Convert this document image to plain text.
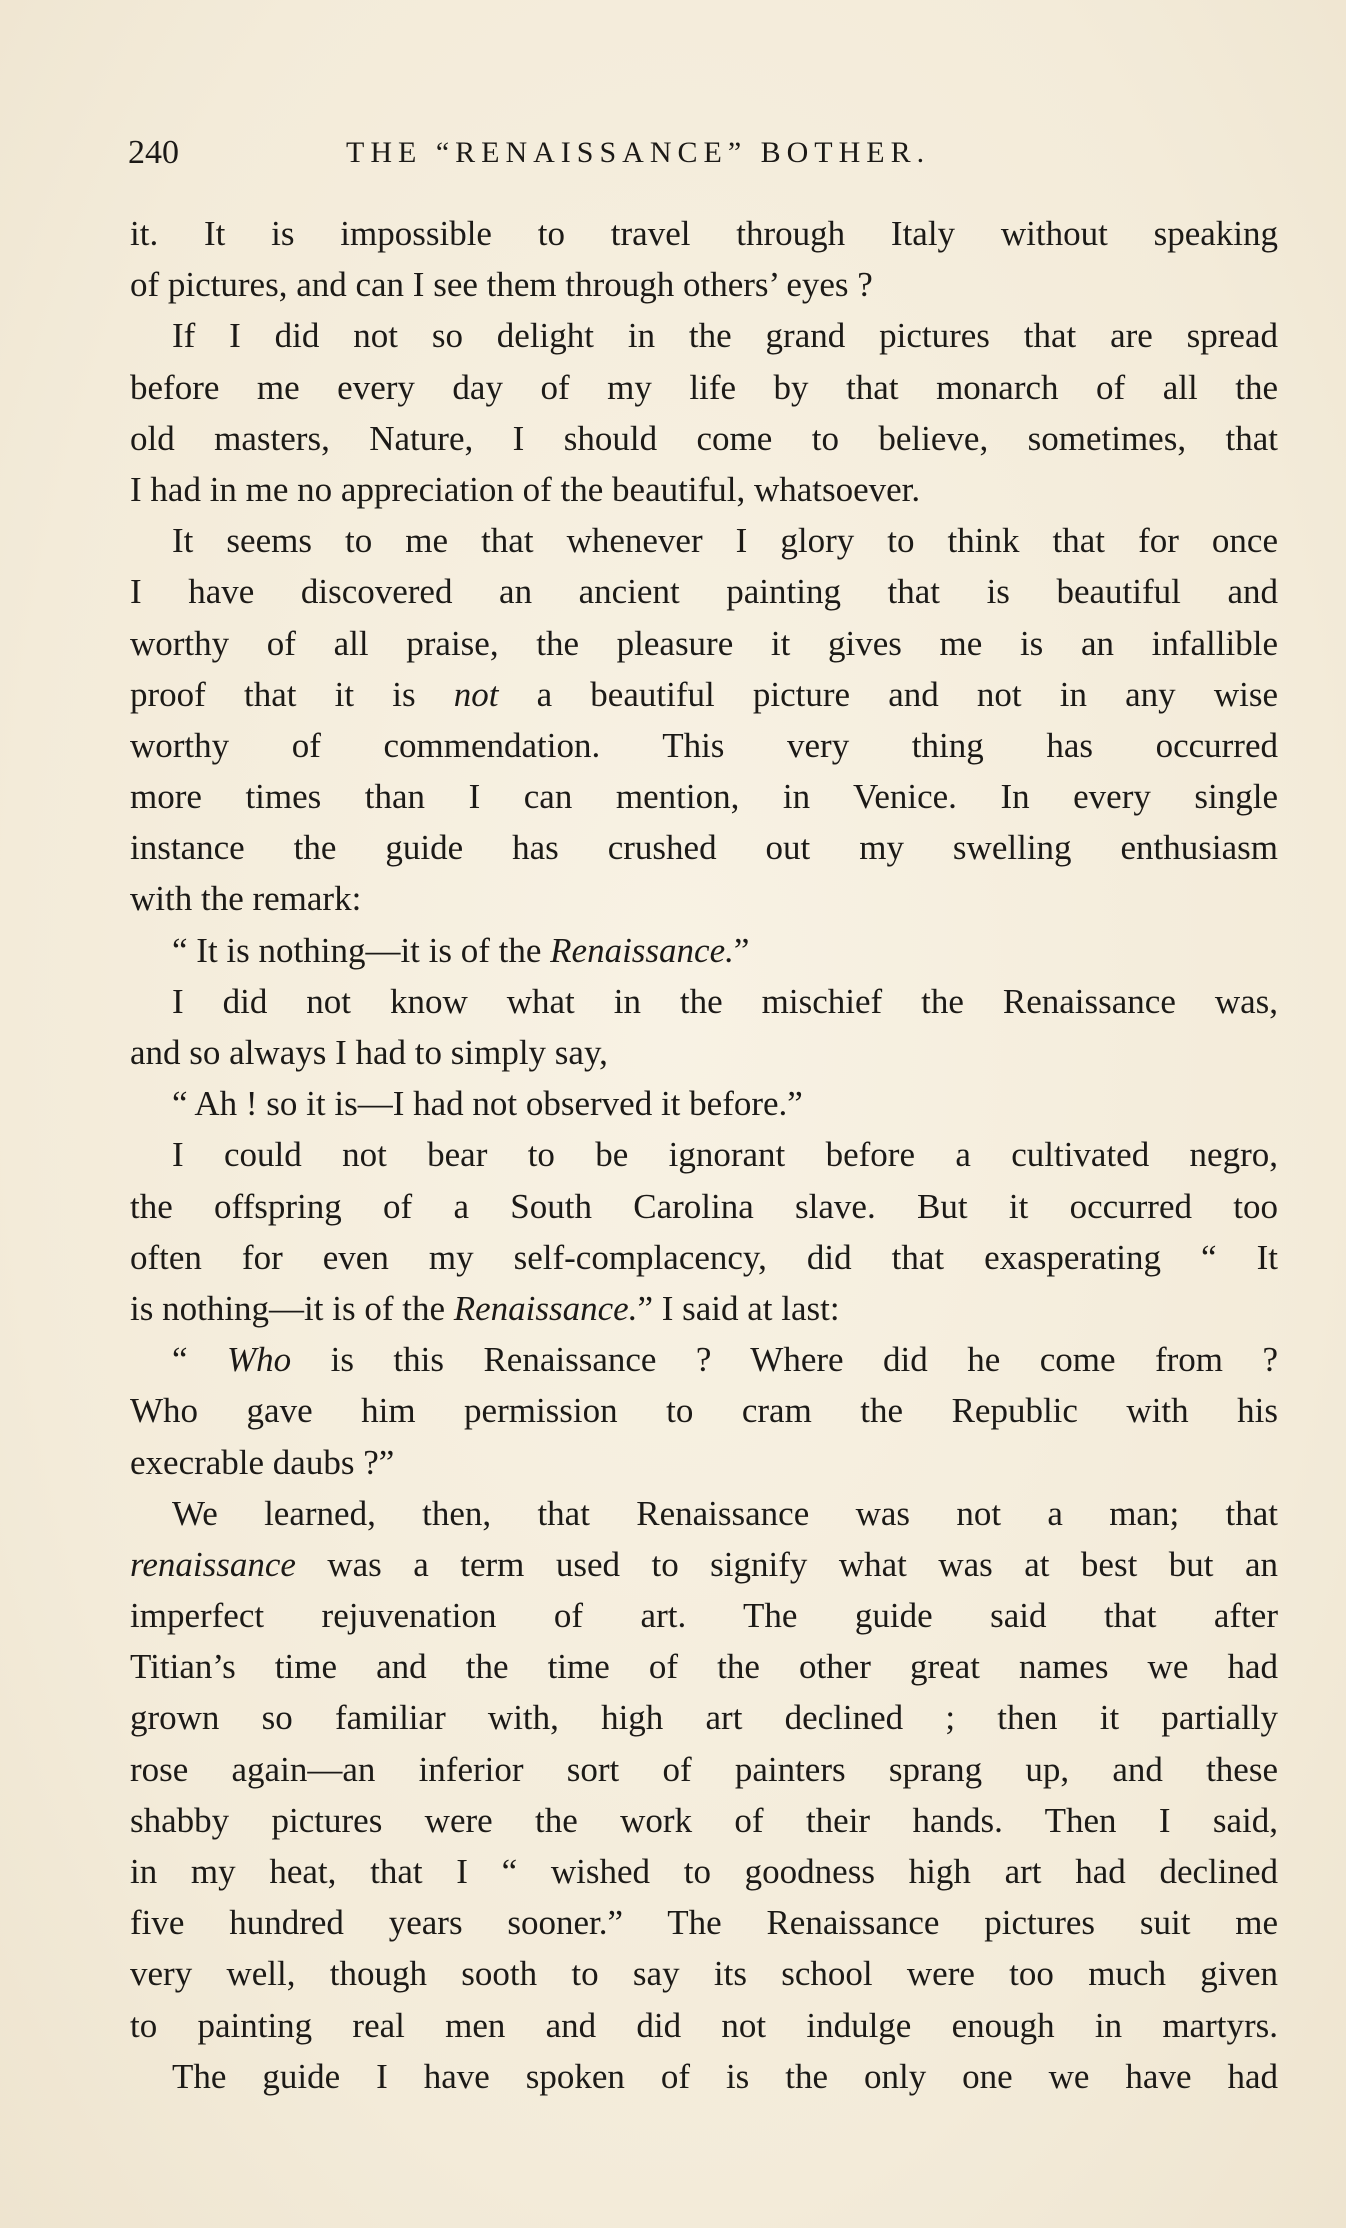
240	THE “RENAISSANCE” BOTHER.
it. It is impossible to travel through Italy without speaking
of pictures, and can I see them through others’ eyes ?
If I did not so delight in the grand pictures that are spread
before me every day of my life by that monarch of all the
old masters, Nature, I should come to believe, sometimes, that
I had in me no appreciation of the beautiful, whatsoever.
It seems to me that whenever I glory to think that for once
I have discovered an ancient painting that is beautiful and
worthy of all praise, the pleasure it gives me is an infallible
proof that it is not a beautiful picture and not in any wise
worthy of commendation. This very thing has occurred
more times than I can mention, in Venice. In every single
instance the guide has crushed out my swelling enthusiasm
with the remark:
“ It is nothing—it is of the Renaissance.”
I did not know what in the mischief the Renaissance was,
and so always I had to simply say,
“ Ah ! so it is—I had not observed it before.”
I could not bear to be ignorant before a cultivated negro,
the offspring of a South Carolina slave. But it occurred too
often for even my self-complacency, did that exasperating “ It
is nothing—it is of the Renaissance.” I said at last:
“ Who is this Renaissance ? Where did he come from ?
Who gave him permission to cram the Republic with his
execrable daubs ?”
We learned, then, that Renaissance was not a man; that
renaissance was a term used to signify what was at best but an
imperfect rejuvenation of art. The guide said that after
Titian’s time and the time of the other great names we had
grown so familiar with, high art declined ; then it partially
rose again—an inferior sort of painters sprang up, and these
shabby pictures were the work of their hands. Then I said,
in my heat, that I “ wished to goodness high art had declined
five hundred years sooner.” The Renaissance pictures suit me
very well, though sooth to say its school were too much given
to painting real men and did not indulge enough in martyrs.
The guide I have spoken of is the only one we have had
